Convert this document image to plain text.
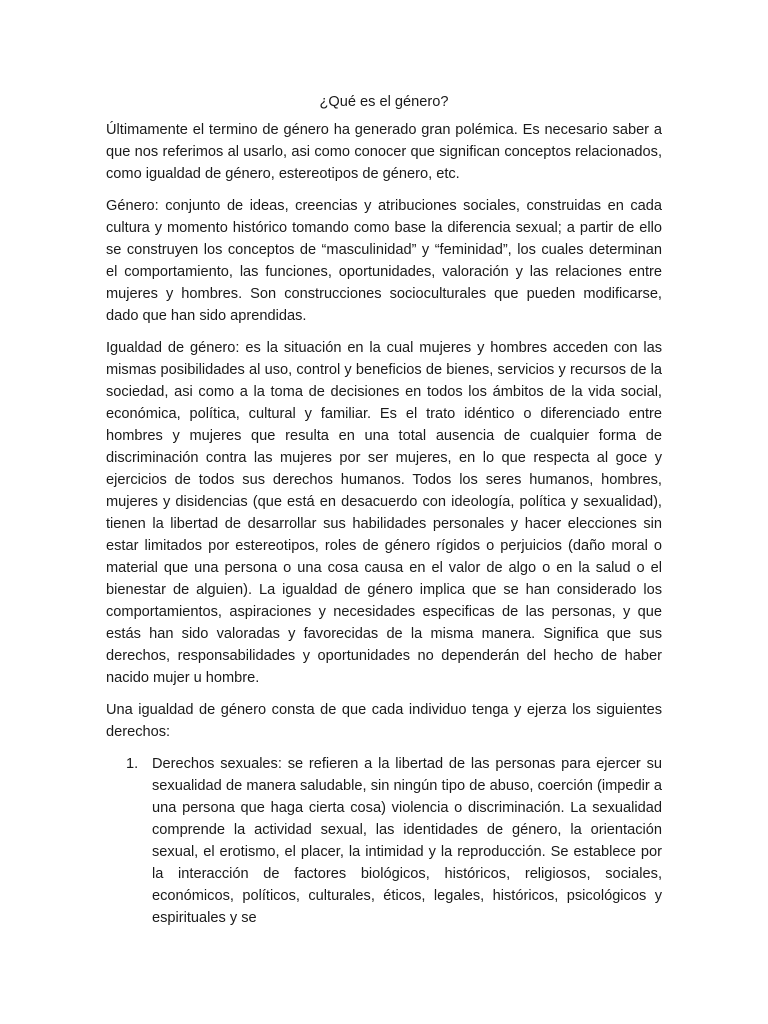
¿Qué es el género?

Últimamente el termino de género ha generado gran polémica. Es necesario saber a que nos referimos al usarlo, asi como conocer que significan conceptos relacionados, como igualdad de género, estereotipos de género, etc.

Género: conjunto de ideas, creencias y atribuciones sociales, construidas en cada cultura y momento histórico tomando como base la diferencia sexual; a partir de ello se construyen los conceptos de “masculinidad” y “feminidad”, los cuales determinan el comportamiento, las funciones, oportunidades, valoración y las relaciones entre mujeres y hombres. Son construcciones socioculturales que pueden modificarse, dado que han sido aprendidas.

Igualdad de género: es la situación en la cual mujeres y hombres acceden con las mismas posibilidades al uso, control y beneficios de bienes, servicios y recursos de la sociedad, asi como a la toma de decisiones en todos los ámbitos de la vida social, económica, política, cultural y familiar. Es el trato idéntico o diferenciado entre hombres y mujeres que resulta en una total ausencia de cualquier forma de discriminación contra las mujeres por ser mujeres, en lo que respecta al goce y ejercicios de todos sus derechos humanos. Todos los seres humanos, hombres, mujeres y disidencias (que está en desacuerdo con ideología, política y sexualidad), tienen la libertad de desarrollar sus habilidades personales y hacer elecciones sin estar limitados por estereotipos, roles de género rígidos o perjuicios (daño moral o material que una persona o una cosa causa en el valor de algo o en la salud o el bienestar de alguien). La igualdad de género implica que se han considerado los comportamientos, aspiraciones y necesidades especificas de las personas, y que estás han sido valoradas y favorecidas de la misma manera. Significa que sus derechos, responsabilidades y oportunidades no dependerán del hecho de haber nacido mujer u hombre.

Una igualdad de género consta de que cada individuo tenga y ejerza los siguientes derechos:

1. Derechos sexuales: se refieren a la libertad de las personas para ejercer su sexualidad de manera saludable, sin ningún tipo de abuso, coerción (impedir a una persona que haga cierta cosa) violencia o discriminación. La sexualidad comprende la actividad sexual, las identidades de género, la orientación sexual, el erotismo, el placer, la intimidad y la reproducción. Se establece por la interacción de factores biológicos, históricos, religiosos, sociales, económicos, políticos, culturales, éticos, legales, históricos, psicológicos y espirituales y se
